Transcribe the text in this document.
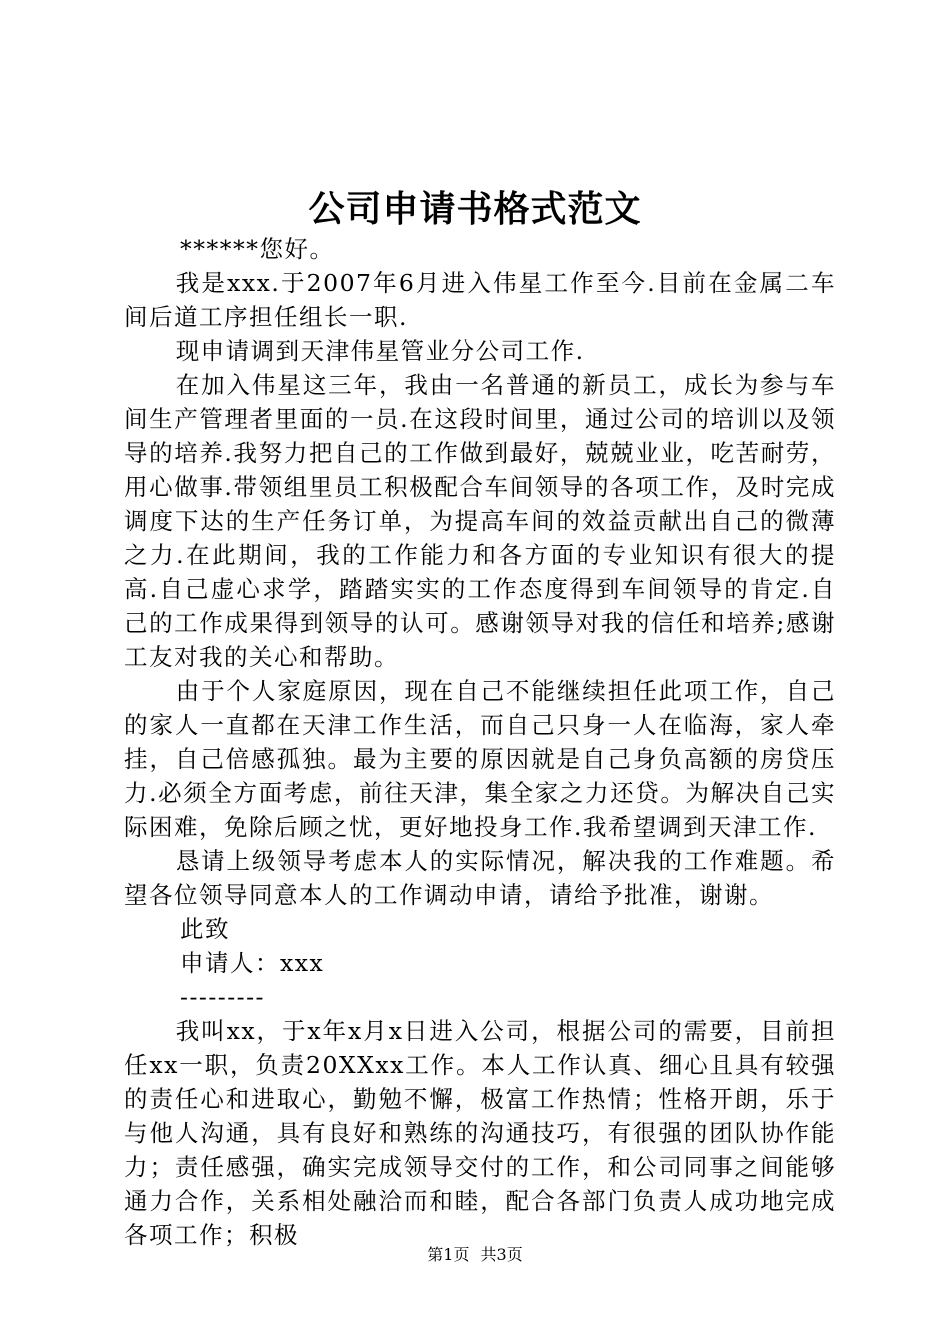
公司申请书格式范文

******您好。

我是xxx.于2007年6月进入伟星工作至今.目前在金属二车间后道工序担任组长一职.

现申请调到天津伟星管业分公司工作.

在加入伟星这三年，我由一名普通的新员工，成长为参与车间生产管理者里面的一员.在这段时间里，通过公司的培训以及领导的培养.我努力把自己的工作做到最好，兢兢业业，吃苦耐劳，用心做事.带领组里员工积极配合车间领导的各项工作，及时完成调度下达的生产任务订单，为提高车间的效益贡献出自己的微薄之力.在此期间，我的工作能力和各方面的专业知识有很大的提高.自己虚心求学，踏踏实实的工作态度得到车间领导的肯定.自己的工作成果得到领导的认可。感谢领导对我的信任和培养;感谢工友对我的关心和帮助。

由于个人家庭原因，现在自己不能继续担任此项工作，自己的家人一直都在天津工作生活，而自己只身一人在临海，家人牵挂，自己倍感孤独。最为主要的原因就是自己身负高额的房贷压力.必须全方面考虑，前往天津，集全家之力还贷。为解决自己实际困难，免除后顾之忧，更好地投身工作.我希望调到天津工作.

恳请上级领导考虑本人的实际情况，解决我的工作难题。希望各位领导同意本人的工作调动申请，请给予批准，谢谢。

此致

申请人：xxx

---------

我叫xx，于x年x月x日进入公司，根据公司的需要，目前担任xx一职，负责20XXxx工作。本人工作认真、细心且具有较强的责任心和进取心，勤勉不懈，极富工作热情；性格开朗，乐于与他人沟通，具有良好和熟练的沟通技巧，有很强的团队协作能力；责任感强，确实完成领导交付的工作，和公司同事之间能够通力合作，关系相处融洽而和睦，配合各部门负责人成功地完成各项工作；积极

第1页 共3页
